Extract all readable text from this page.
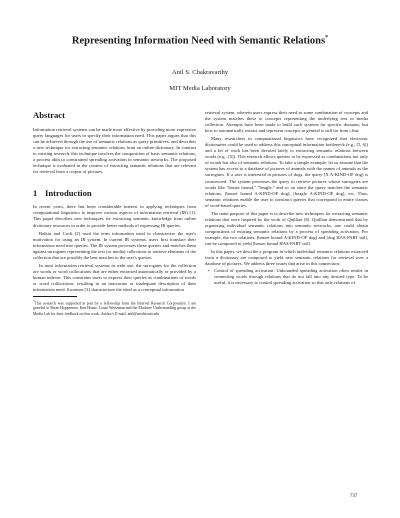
Representing Information Need with Semantic Relations*
Anil S. Chakravarthy
MIT Media Laboratory
Abstract

Information retrieval systems can be made more effective by providing more expressive query languages for users to specify their information need. This paper argues that this can be achieved through the use of semantic relations as query primitives, and describes a new technique for extracting semantic relations from an online dictionary. In contrast to existing research, this technique involves the composition of basic semantic relations, a process akin to constrained spreading activation in semantic networks. The proposed technique is evaluated in the context of extracting semantic relations that are relevant for retrieval from a corpus of pictures.

1 Introduction

In recent years, there has been considerable interest in applying techniques from computational linguistics to improve various aspects of information retrieval (IR) [1]. This paper describes new techniques for extracting semantic knowledge from online dictionary resources in order to provide better methods of expressing IR queries.

Belkin and Croft [2] used the term information need to characterize the user's motivation for using an IR system. In current IR systems, users first translate their information need into queries. The IR system processes these queries and matches them against surrogates representing the text (or media) collections to retrieve elements of the collection that are possibly the best matches to the user's queries.

In most information retrieval systems in wide use, the surrogates for the collection are words or word collocations that are either extracted automatically or provided by a human indexer. This constrains users to express their queries as combinations of words or word collocations, resulting in an inaccurate or inadequate description of their information need. Swanson [3] characterizes the ideal as a conceptual information

*This research was supported in part by a fellowship from the Interval Research Corporation. I am grateful to Brian Hoppensen, Ken Haase, Louie Weitzman and the Machine Understanding group at the Media Lab for their feedback on this work. Author's E-mail: anil@media.mit.edu

retrieval system, wherein users express their need as some combination of concepts and the system matches these to concepts representing the underlying text or media collection. Attempts have been made to build such systems for specific domains, but how to automatically extract and represent concepts in general is still far from clear.

Many researchers in computational linguistics have recognized that electronic dictionaries could be used to address this conceptual information bottleneck (e.g., [5, 6]) and a lot of work has been devoted lately to extracting semantic relations between words (e.g., [5]). This research allows queries to be expressed as combinations not only of words but also of semantic relations. To take a simple example, let us assume that the system has access to a database of pictures of animals with the names of animals as the surrogates. If a user is interested in pictures of dogs, the query [X A-KIND-OF dog] is constructed. The system processes the query to retrieve pictures whose surrogates are words like "basset hound," "beagle," and so on since the query matches the semantic relations, [basset hound A-KIND-OF dog], [beagle A-KIND-OF dog], etc. Thus, semantic relations enable the user to construct queries that correspond to entire classes of word-based queries.

The main purpose of this paper is to describe new techniques for extracting semantic relations that were inspired by the work of Quillian [6]. Quillian demonstrated that by organizing individual semantic relations into semantic networks, one could obtain compositions of existing semantic relations by a process of spreading activation. For example, the two relations, [basset hound A-KIND-OF dog] and [dog HAS-PART tail], can be composed to yield [basset hound HAS-PART tail].

In this paper, we describe a program in which individual semantic relations extracted from a dictionary are composed to yield new semantic relations for retrieval over a database of pictures. We address three issues that arise in this connection:

• Control of spreading activation: Unbounded spreading activation often results in connecting words through relations that do not fall into any desired type. To be useful, it is necessary to control spreading activation so that only relations of
737
